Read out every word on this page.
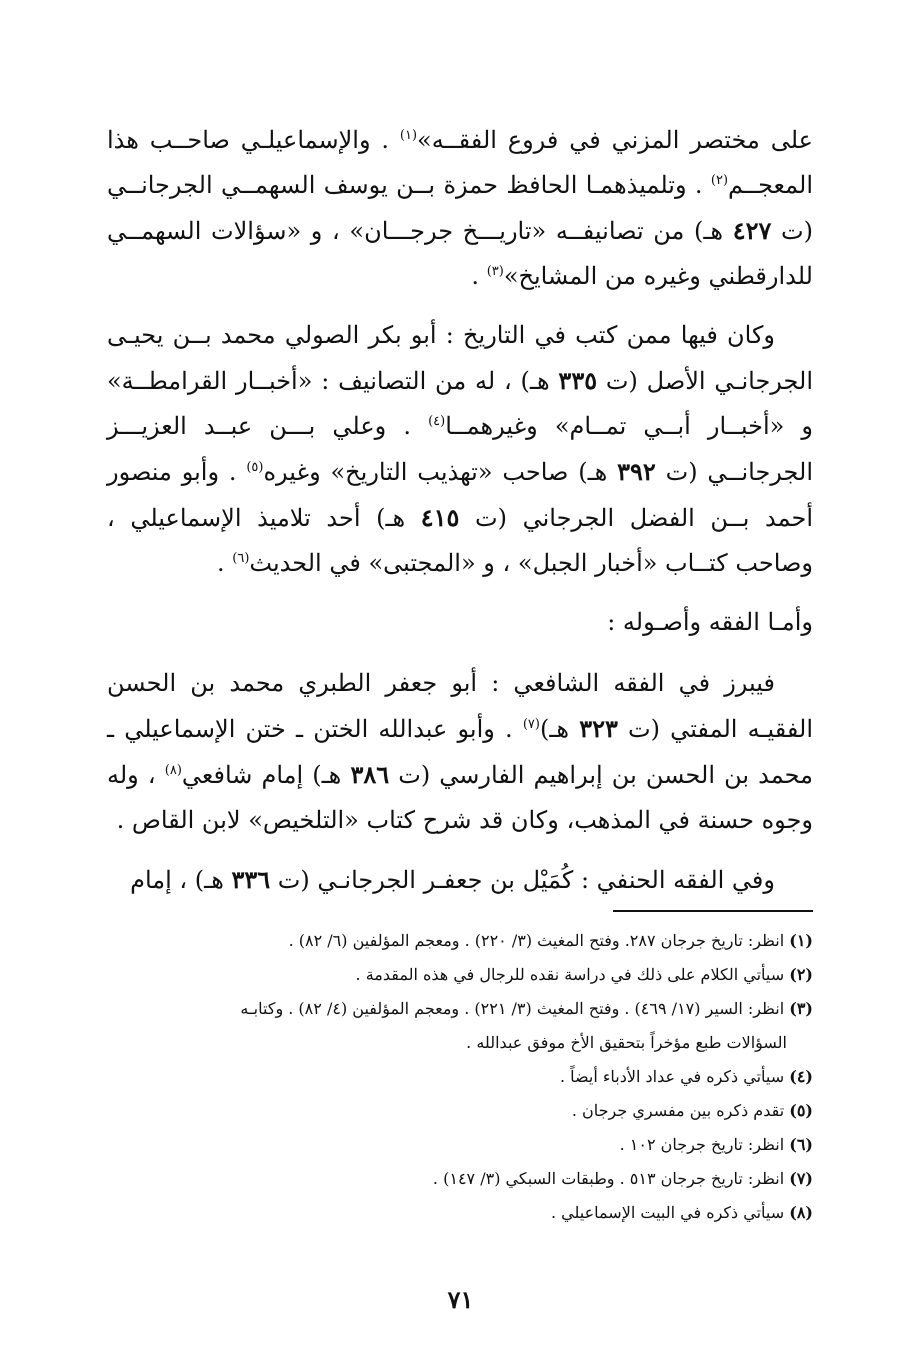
على مختصر المزني في فروع الفقــه»$^{(١)}$ . والإسماعيلـي صاحــب هذا المعجــم$^{(٢)}$ . وتلميذهمـا الحافظ حمزة بــن يوسف السهمــي الجرجانــي (ت ٤٢٧ هـ) من تصانيفــه «تاريـــخ جرجـــان» ، و «سؤالات السهمــي للدارقطني وغيره من المشايخ»$^{(٣)}$ .

وكان فيها ممن كتب في التاريخ : أبو بكر الصولي محمد بــن يحيـى الجرجانـي الأصل (ت ٣٣٥ هـ) ، له من التصانيف : «أخبــار القرامطــة» و «أخبــار أبــي تمــام» وغيرهمــا$^{(٤)}$ . وعلي بـــن عبــد العزيـــز الجرجانــي (ت ٣٩٢ هـ) صاحب «تهذيب التاريخ» وغيره$^{(٥)}$ . وأبو منصور أحمد بــن الفضل الجرجاني (ت ٤١٥ هـ) أحد تلاميذ الإسماعيلي ، وصاحب كتــاب «أخبار الجبل» ، و «المجتبى» في الحديث$^{(٦)}$ .

وأمـا الفقه وأصـوله :

فيبرز في الفقه الشافعي : أبو جعفر الطبري محمد بن الحسن الفقيـه المفتي (ت ٣٢٣ هـ)$^{(٧)}$ . وأبو عبدالله الختن ـ ختن الإسماعيلي ـ محمد بن الحسن بن إبراهيم الفارسي (ت ٣٨٦ هـ) إمام شافعي$^{(٨)}$ ، وله وجوه حسنة في المذهب، وكان قد شرح كتاب «التلخيص» لابن القاص .

وفي الفقه الحنفي : كُمَيْل بن جعفـر الجرجانـي (ت ٣٣٦ هـ) ، إمام

(١) انظر: تاريخ جرجان ٢٨٧. وفتح المغيث (٣/ ٢٢٠) . ومعجم المؤلفين (٦/ ٨٢) .

(٢) سيأتي الكلام على ذلك في دراسة نقده للرجال في هذه المقدمة .

(٣) انظر: السير (١٧/ ٤٦٩) . وفتح المغيث (٣/ ٢٢١) . ومعجم المؤلفين (٤/ ٨٢) . وكتابـه
السؤالات طبع مؤخراً بتحقيق الأخ موفق عبدالله .

(٤) سيأتي ذكره في عداد الأدباء أيضاً .

(٥) تقدم ذكره بين مفسري جرجان .

(٦) انظر: تاريخ جرجان ١٠٢ .

(٧) انظر: تاريخ جرجان ٥١٣ . وطبقات السبكي (٣/ ١٤٧) .

(٨) سيأتي ذكره في البيت الإسماعيلي .

٧١
